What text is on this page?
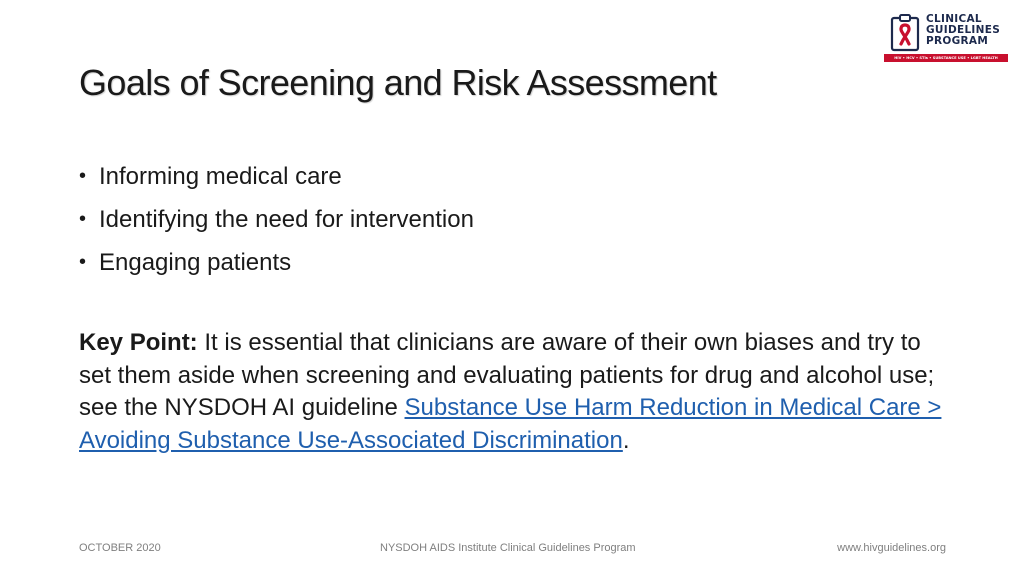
CLINICAL
GUIDELINES
PROGRAM
HIV • HCV • STIs • SUBSTANCE USE • LGBT HEALTH
Goals of Screening and Risk Assessment
• Informing medical care
• Identifying the need for intervention
• Engaging patients

Key Point: It is essential that clinicians are aware of their own biases and try to set them aside when screening and evaluating patients for drug and alcohol use; see the NYSDOH AI guideline Substance Use Harm Reduction in Medical Care > Avoiding Substance Use-Associated Discrimination.

OCTOBER 2020	NYSDOH AIDS Institute Clinical Guidelines Program	www.hivguidelines.org
